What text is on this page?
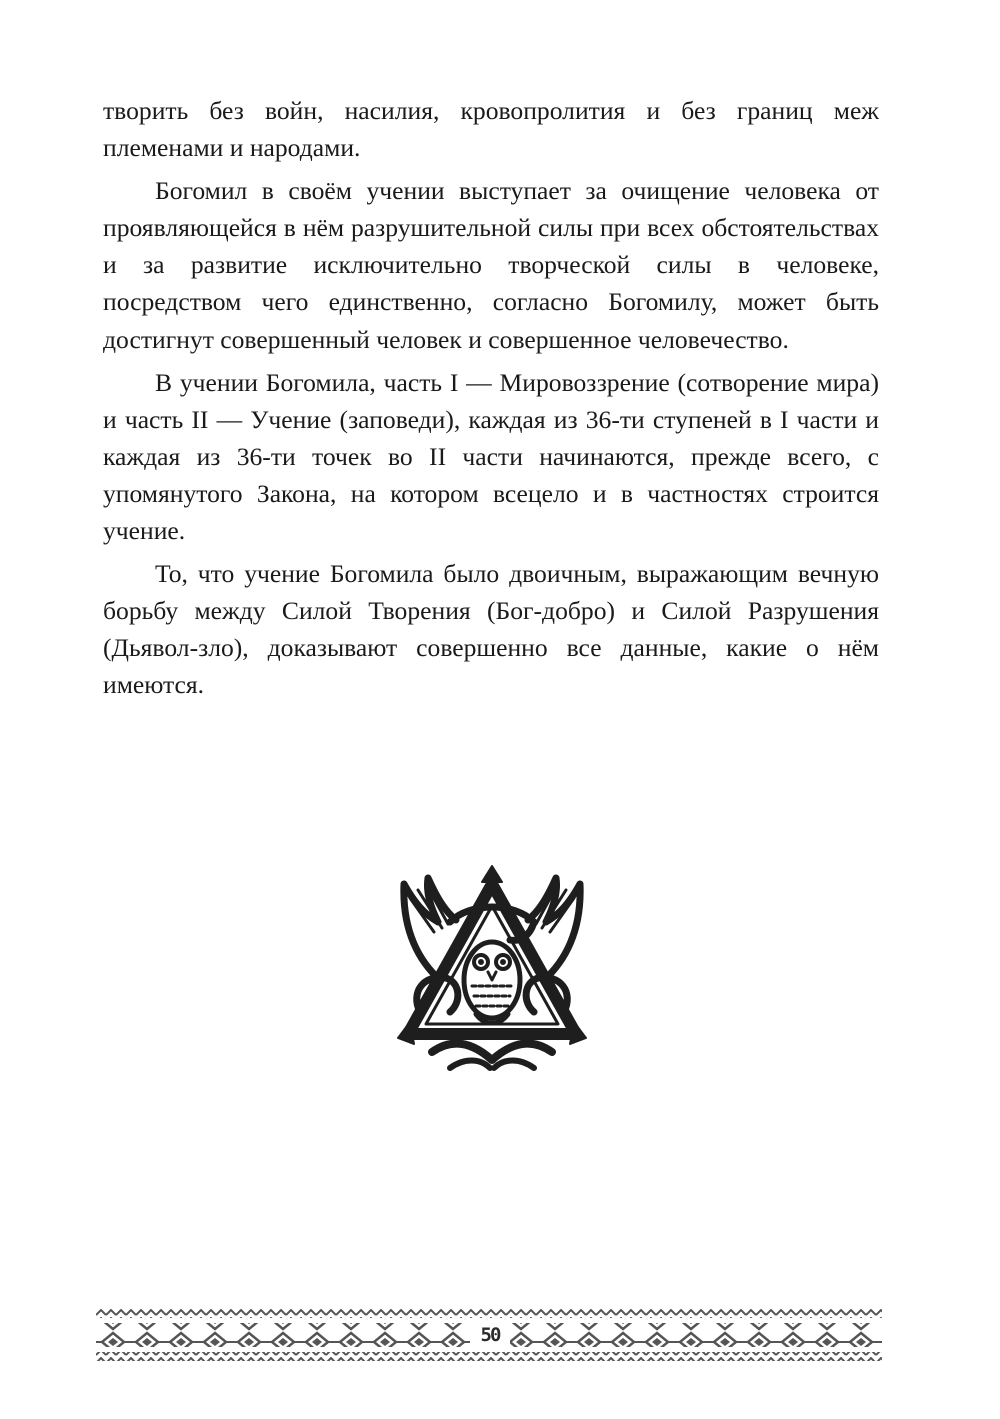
творить без войн, насилия, кровопролития и без границ меж племенами и народами.

Богомил в своём учении выступает за очищение человека от проявляющейся в нём разрушительной силы при всех обстоятельствах и за развитие исключительно творческой силы в человеке, посредством чего единственно, согласно Богомилу, может быть достигнут совершенный человек и совершенное человечество.

В учении Богомила, часть I — Мировоззрение (сотворение мира) и часть II — Учение (заповеди), каждая из 36-ти ступеней в I части и каждая из 36-ти точек во II части начинаются, прежде всего, с упомянутого Закона, на котором всецело и в частностях строится учение.

То, что учение Богомила было двоичным, выражающим вечную борьбу между Силой Творения (Бог-добро) и Силой Разрушения (Дьявол-зло), доказывают совершенно все данные, какие о нём имеются.

50
